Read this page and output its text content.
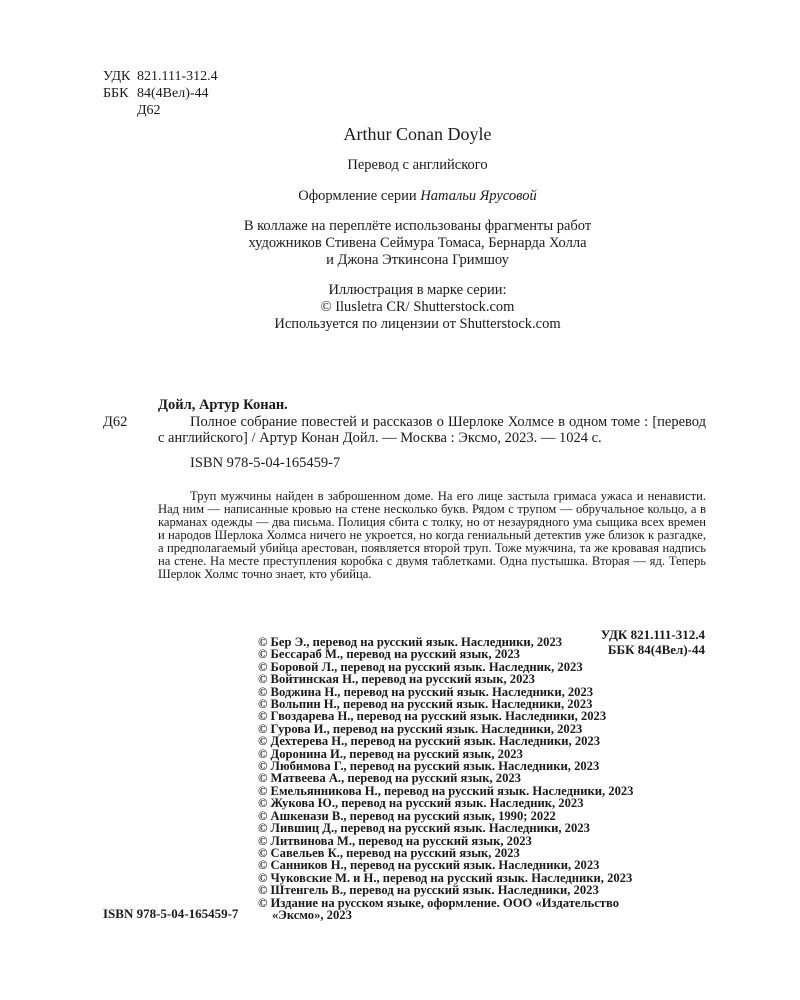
УДК 821.111-312.4
ББК 84(4Вел)-44
Д62
Arthur Conan Doyle
Перевод с английского
Оформление серии Натальи Ярусовой
В коллаже на переплёте использованы фрагменты работ
художников Стивена Сеймура Томаса, Бернарда Холла
и Джона Эткинсона Гримшоу
Иллюстрация в марке серии:
© Ilusletra CR/ Shutterstock.com
Используется по лицензии от Shutterstock.com
Д62
Дойл, Артур Конан.
Полное собрание повестей и рассказов о Шерлоке Холмсе в одном томе : [перевод с английского] / Артур Конан Дойл. — Москва : Эксмо, 2023. — 1024 с.
ISBN 978-5-04-165459-7
Труп мужчины найден в заброшенном доме. На его лице застыла гримаса ужаса и ненависти. Над ним — написанные кровью на стене несколько букв. Рядом с трупом — обручальное кольцо, а в карманах одежды — два письма. Полиция сбита с толку, но от незаурядного ума сыщика всех времен и народов Шерлока Холмса ничего не укроется, но когда гениальный детектив уже близок к разгадке, а предполагаемый убийца арестован, появляется второй труп. Тоже мужчина, та же кровавая надпись на стене. На месте преступления коробка с двумя таблетками. Одна пустышка. Вторая — яд. Теперь Шерлок Холмс точно знает, кто убийца.
УДК 821.111-312.4
ББК 84(4Вел)-44
© Бер Э., перевод на русский язык. Наследники, 2023
© Бессараб М., перевод на русский язык, 2023
© Боровой Л., перевод на русский язык. Наследник, 2023
© Войтинская Н., перевод на русский язык, 2023
© Воджина Н., перевод на русский язык. Наследники, 2023
© Вольпин Н., перевод на русский язык. Наследники, 2023
© Гвоздарева Н., перевод на русский язык. Наследники, 2023
© Гурова И., перевод на русский язык. Наследники, 2023
© Дехтерева Н., перевод на русский язык. Наследники, 2023
© Доронина И., перевод на русский язык, 2023
© Любимова Г., перевод на русский язык. Наследники, 2023
© Матвеева А., перевод на русский язык, 2023
© Емельянникова Н., перевод на русский язык. Наследники, 2023
© Жукова Ю., перевод на русский язык. Наследник, 2023
© Ашкенази В., перевод на русский язык, 1990; 2022
© Лившиц Д., перевод на русский язык. Наследники, 2023
© Литвинова М., перевод на русский язык, 2023
© Савельев К., перевод на русский язык, 2023
© Санников Н., перевод на русский язык. Наследники, 2023
© Чуковские М. и Н., перевод на русский язык. Наследники, 2023
© Штенгель В., перевод на русский язык. Наследники, 2023
© Издание на русском языке, оформление. ООО «Издательство
«Эксмо», 2023
ISBN 978-5-04-165459-7
